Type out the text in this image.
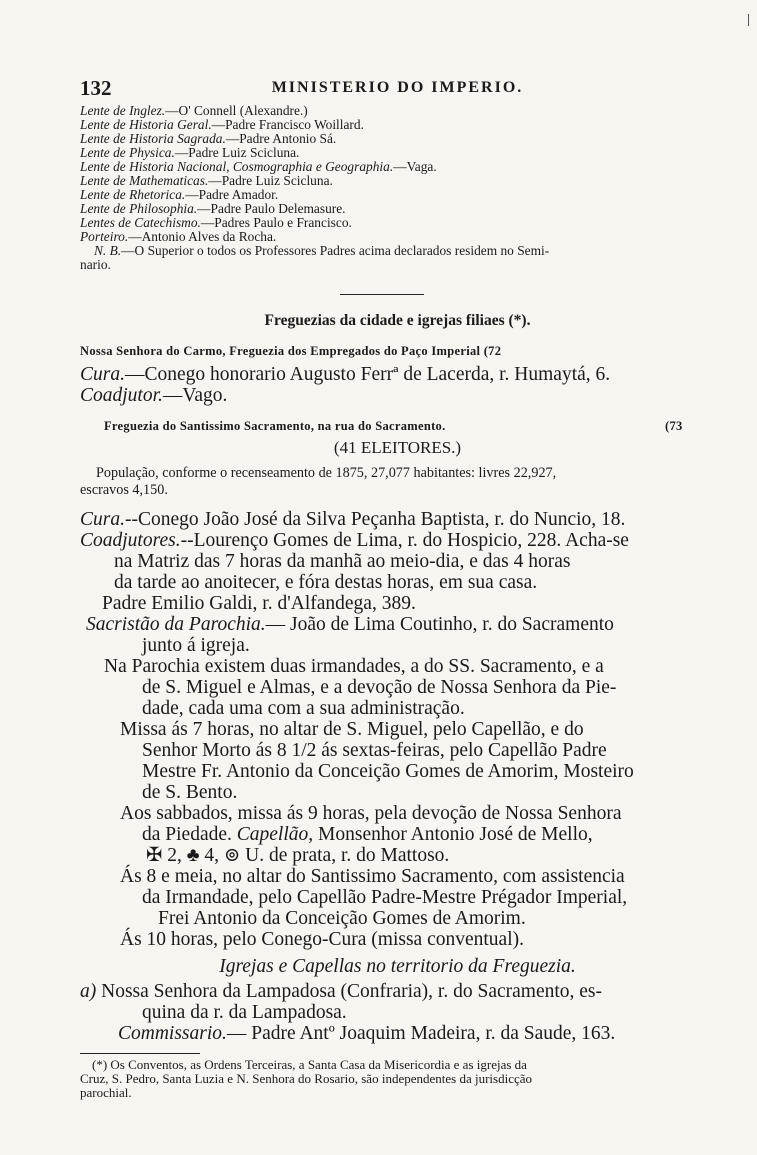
132	MINISTERIO DO IMPERIO.
Lente de Inglez.—O' Connell (Alexandre.)
Lente de Historia Geral.—Padre Francisco Woillard.
Lente de Historia Sagrada.—Padre Antonio Sá.
Lente de Physica.—Padre Luiz Scicluna.
Lente de Historia Nacional, Cosmographia e Geographia.—Vaga.
Lente de Mathematicas.—Padre Luiz Scicluna.
Lente de Rhetorica.—Padre Amador.
Lente de Philosophia.—Padre Paulo Delemasure.
Lentes de Catechismo.—Padres Paulo e Francisco.
Porteiro.—Antonio Alves da Rocha.
N. B.—O Superior o todos os Professores Padres acima declarados residem no Semi-
nario.
Freguezias da cidade e igrejas filiaes (*).
Nossa Senhora do Carmo, Freguezia dos Empregados do Paço Imperial (72
Cura.—Conego honorario Augusto Ferrª de Lacerda, r. Humaytá, 6.
Coadjutor.—Vago.
Freguezia do Santissimo Sacramento, na rua do Sacramento.	(73
(41 ELEITORES.)
População, conforme o recenseamento de 1875, 27,077 habitantes: livres 22,927,
escravos 4,150.
Cura.--Conego João José da Silva Peçanha Baptista, r. do Nuncio, 18.
Coadjutores.--Lourenço Gomes de Lima, r. do Hospicio, 228. Acha-se
na Matriz das 7 horas da manhã ao meio-dia, e das 4 horas
da tarde ao anoitecer, e fóra destas horas, em sua casa.
Padre Emilio Galdi, r. d'Alfandega, 389.
Sacristão da Parochia.— João de Lima Coutinho, r. do Sacramento
junto á igreja.
Na Parochia existem duas irmandades, a do SS. Sacramento, e a
de S. Miguel e Almas, e a devoção de Nossa Senhora da Pie-
dade, cada uma com a sua administração.
Missa ás 7 horas, no altar de S. Miguel, pelo Capellão, e do
Senhor Morto ás 8 1/2 ás sextas-feiras, pelo Capellão Padre
Mestre Fr. Antonio da Conceição Gomes de Amorim, Mosteiro
de S. Bento.
Aos sabbados, missa ás 9 horas, pela devoção de Nossa Senhora
da Piedade. Capellão, Monsenhor Antonio José de Mello,
✠ 2, ♣ 4, ⊚ U. de prata, r. do Mattoso.
Ás 8 e meia, no altar do Santissimo Sacramento, com assistencia
da Irmandade, pelo Capellão Padre-Mestre Prégador Imperial,
Frei Antonio da Conceição Gomes de Amorim.
Ás 10 horas, pelo Conego-Cura (missa conventual).
Igrejas e Capellas no territorio da Freguezia.
a) Nossa Senhora da Lampadosa (Confraria), r. do Sacramento, es-
quina da r. da Lampadosa.
Commissario.— Padre Antº Joaquim Madeira, r. da Saude, 163.
(*) Os Conventos, as Ordens Terceiras, a Santa Casa da Misericordia e as igrejas da
Cruz, S. Pedro, Santa Luzia e N. Senhora do Rosario, são independentes da jurisdicção
parochial.
